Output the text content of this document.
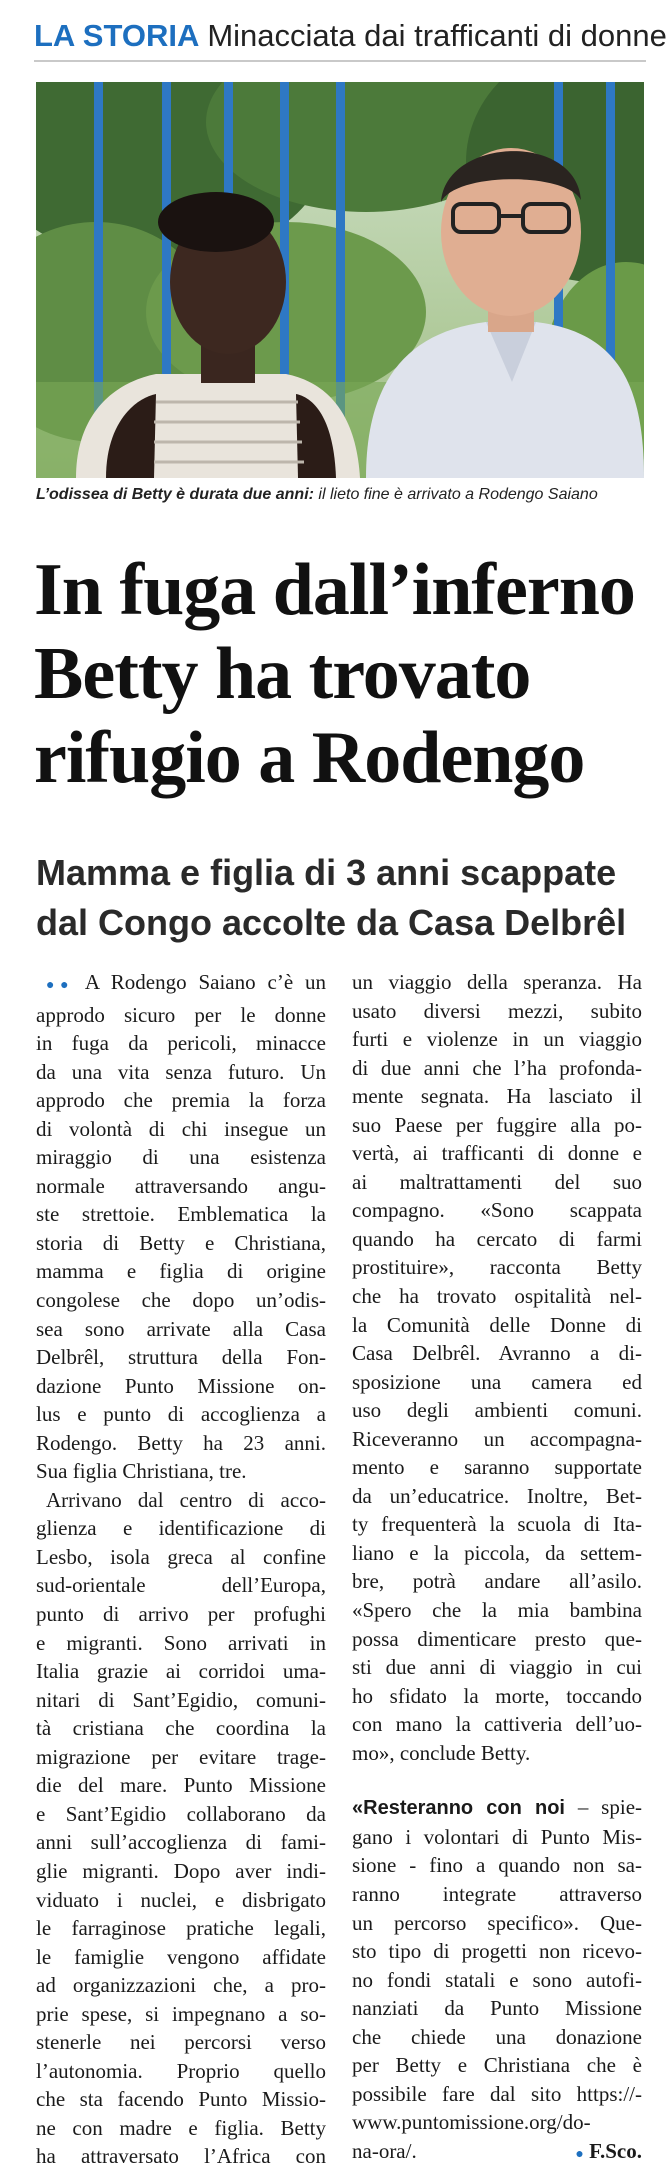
LA STORIA Minacciata dai trafficanti di donne
L’odissea di Betty è durata due anni: il lieto fine è arrivato a Rodengo Saiano
In fuga dall’inferno
Betty ha trovato
rifugio a Rodengo
Mamma e figlia di 3 anni scappate
dal Congo accolte da Casa Delbrêl
●● A Rodengo Saiano c’è un
approdo sicuro per le donne
in fuga da pericoli, minacce
da una vita senza futuro. Un
approdo che premia la forza
di volontà di chi insegue un
miraggio di una esistenza
normale attraversando angu-
ste strettoie. Emblematica la
storia di Betty e Christiana,
mamma e figlia di origine
congolese che dopo un’odis-
sea sono arrivate alla Casa
Delbrêl, struttura della Fon-
dazione Punto Missione on-
lus e punto di accoglienza a
Rodengo. Betty ha 23 anni.
Sua figlia Christiana, tre.
Arrivano dal centro di acco-
glienza e identificazione di
Lesbo, isola greca al confine
sud-orientale dell’Europa,
punto di arrivo per profughi
e migranti. Sono arrivati in
Italia grazie ai corridoi uma-
nitari di Sant’Egidio, comuni-
tà cristiana che coordina la
migrazione per evitare trage-
die del mare. Punto Missione
e Sant’Egidio collaborano da
anni sull’accoglienza di fami-
glie migranti. Dopo aver indi-
viduato i nuclei, e disbrigato
le farraginose pratiche legali,
le famiglie vengono affidate
ad organizzazioni che, a pro-
prie spese, si impegnano a so-
stenerle nei percorsi verso
l’autonomia. Proprio quello
che sta facendo Punto Missio-
ne con madre e figlia. Betty
ha attraversato l’Africa con
un viaggio della speranza. Ha
usato diversi mezzi, subito
furti e violenze in un viaggio
di due anni che l’ha profonda-
mente segnata. Ha lasciato il
suo Paese per fuggire alla po-
vertà, ai trafficanti di donne e
ai maltrattamenti del suo
compagno. «Sono scappata
quando ha cercato di farmi
prostituire», racconta Betty
che ha trovato ospitalità nel-
la Comunità delle Donne di
Casa Delbrêl. Avranno a di-
sposizione una camera ed
uso degli ambienti comuni.
Riceveranno un accompagna-
mento e saranno supportate
da un’educatrice. Inoltre, Bet-
ty frequenterà la scuola di Ita-
liano e la piccola, da settem-
bre, potrà andare all’asilo.
«Spero che la mia bambina
possa dimenticare presto que-
sti due anni di viaggio in cui
ho sfidato la morte, toccando
con mano la cattiveria dell’uo-
mo», conclude Betty.
«Resteranno con noi – spie-
gano i volontari di Punto Mis-
sione - fino a quando non sa-
ranno integrate attraverso
un percorso specifico». Que-
sto tipo di progetti non ricevo-
no fondi statali e sono autofi-
nanziati da Punto Missione
che chiede una donazione
per Betty e Christiana che è
possibile fare dal sito https://-
www.puntomissione.org/do-
na-ora/.	● F.Sco.
